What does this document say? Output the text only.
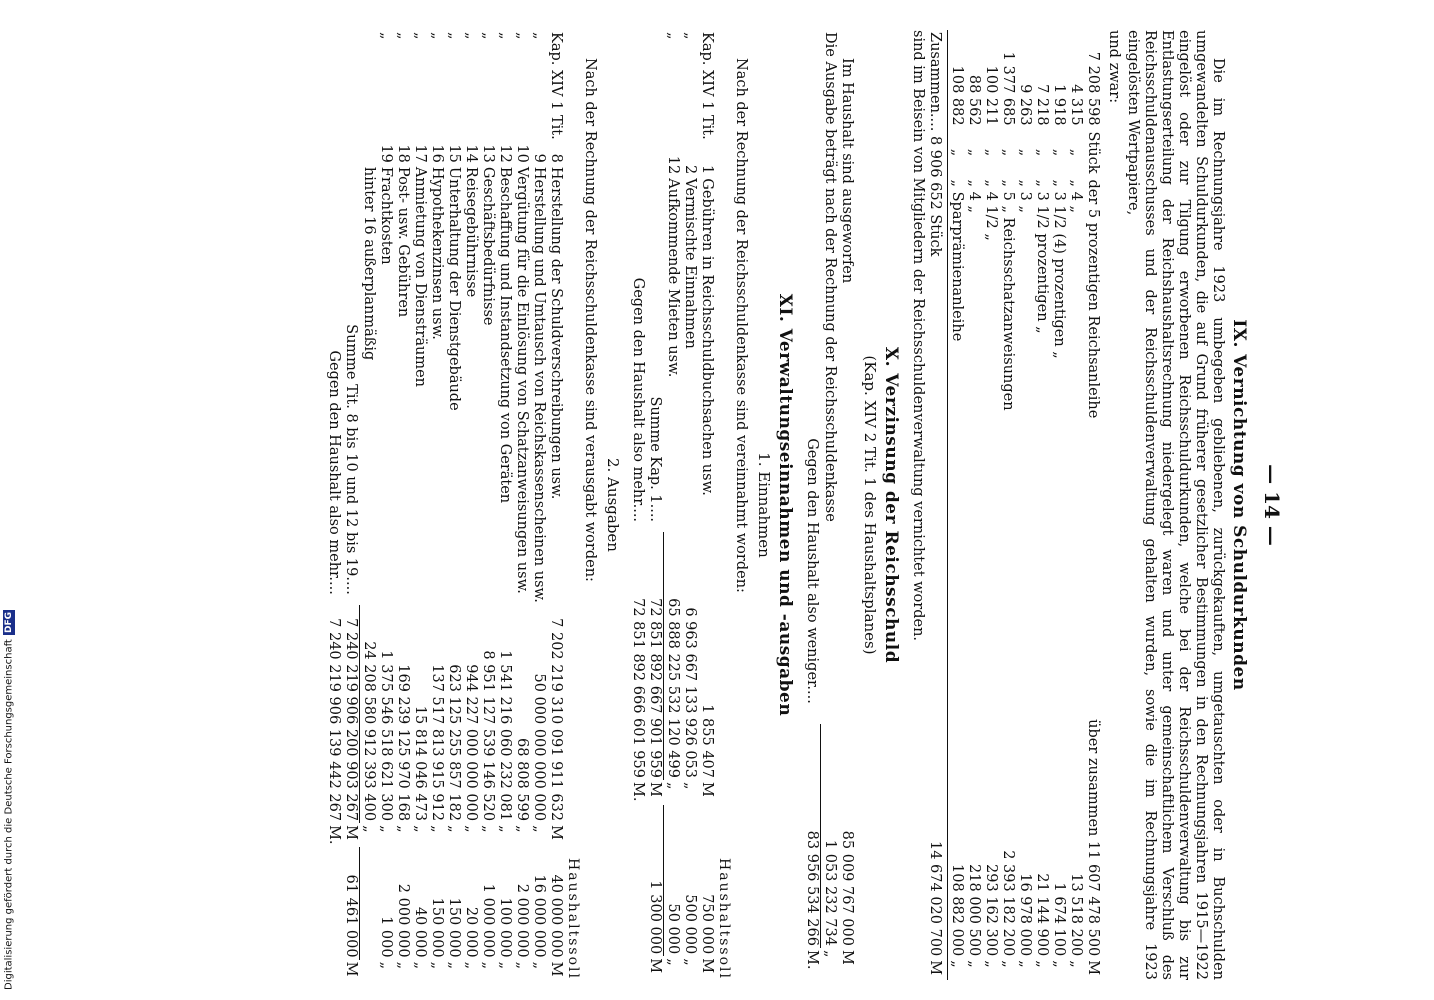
Digitalisierung gefördert durch die Deutsche Forschungsgemeinschaft
DFG
— 14 —
IX. Vernichtung von Schuldurkunden

Die im Rechnungsjahre 1923 umbegeben gebliebenen, zurückgekauften, umgetauschten oder in Buchschulden umgewandelten Schuldurkunden, die auf Grund früherer gesetzlicher Bestimmungen in den Rechnungsjahren 1915—1922 eingelöst oder zur Tilgung erworbenen Reichsschuldurkunden, welche bei der Reichsschuldenverwaltung bis zur Entlastungserteilung der Reichshaushaltsrechnung niedergelegt waren und unter gemeinschaftlichem Verschluß des Reichsschuldenausschusses und der Reichsschuldenverwaltung gehalten wurden, sowie die im Rechnungsjahre 1923 eingelösten Wertpapiere,

und zwar:
7 208 598	Stück	der 5 prozentigen Reichsanleihe	über zusammen 11 607 478 500	M
4 315	„	„ 4 „	13 518 200	„
1 918	„	„ 3 1/2 (4) prozentigen „	1 674 100	„
7 218	„	„ 3 1/2 prozentigen „	21 144 900	„
9 263	„	„ 3 „	16 978 000	„
1 377 685	„	„ 5 „ Reichsschatzanweisungen	2 393 182 200	„
100 211	„	„ 4 1/2 „	293 162 300	„
88 562	„	„ 4 „	218 000 500	„
108 882	„	„ Sparprämienanleihe	108 882 000	„

Zusammen.... 8 906 652 Stück			14 674 020 700	M
sind im Beisein von Mitgliedern der Reichsschuldenverwaltung vernichtet worden.
X. Verzinsung der Reichsschuld
(Kap. XIV 2 Tit. 1 des Haushaltsplanes)
Im Haushalt sind ausgeworfen	85 009 767 000	M
Die Ausgabe beträgt nach der Rechnung der Reichsschuldenkasse	1 053 232 734	„
Gegen den Haushalt also weniger....	83 956 534 266	M.
XI. Verwaltungseinnahmen und -ausgaben
1. Einnahmen
Nach der Rechnung der Reichsschuldenkasse sind vereinnahmt worden:
Haushaltssoll
Kap. XIV 1 Tit.	1	Gebühren in Reichsschuldbuchsachen usw.	1 855 407	M	750 000	M
„	2	Vermischte Einnahmen	6 963 667 133 926 053	„	500 000	„
„	12	Aufkommende Mieten usw.	65 888 225 532 120 499	„	50 000	„
Summe Kap. 1....			72 851 892 667 901 959	M	1 300 000	M
Gegen den Haushalt also mehr....			72 851 892 666 601 959	M.		
2. Ausgaben
Nach der Rechnung der Reichsschuldenkasse sind verausgabt worden:
Haushaltssoll
Kap. XIV 1 Tit.	8	Herstellung der Schuldverschreibungen usw.	7 202 219 310 091 911 632	M	40 000 000	M
„	9	Herstellung und Umtausch von Reichskassenscheinen usw.	50 000 000 000 000	„	16 000 000	„
„	10	Vergütung für die Einlösung von Schatzanweisungen usw.	68 808 599	„	2 000 000	„
„	12	Beschaffung und Instandsetzung von Geräten	1 541 216 060 232 081	„	100 000	„
„	13	Geschäftsbedürfnisse	8 951 127 539 146 520	„	1 000 000	„
„	14	Reisegebührnisse	944 227 000 000 000	„	20 000	„
„	15	Unterhaltung der Dienstgebäude	623 125 255 857 182	„	150 000	„
„	16	Hypothekenzinsen usw.	137 517 813 915 912	„	150 000	„
„	17	Anmietung von Diensträumen	15 814 046 473	„	40 000	„
„	18	Post- usw. Gebühren	169 239 125 970 168	„	2 000 000	„
„	19	Frachtkosten	1 375 546 518 621 300	„	1 000	„
		hinter 16 außerplanmäßig	24 208 580 912 393 400	„		
Summe Tit. 8 bis 10 und 12 bis 19....			7 240 219 906 200 903 267	M	61 461 000	M
Gegen den Haushalt also mehr....			7 240 219 906 139 442 267	M.		
